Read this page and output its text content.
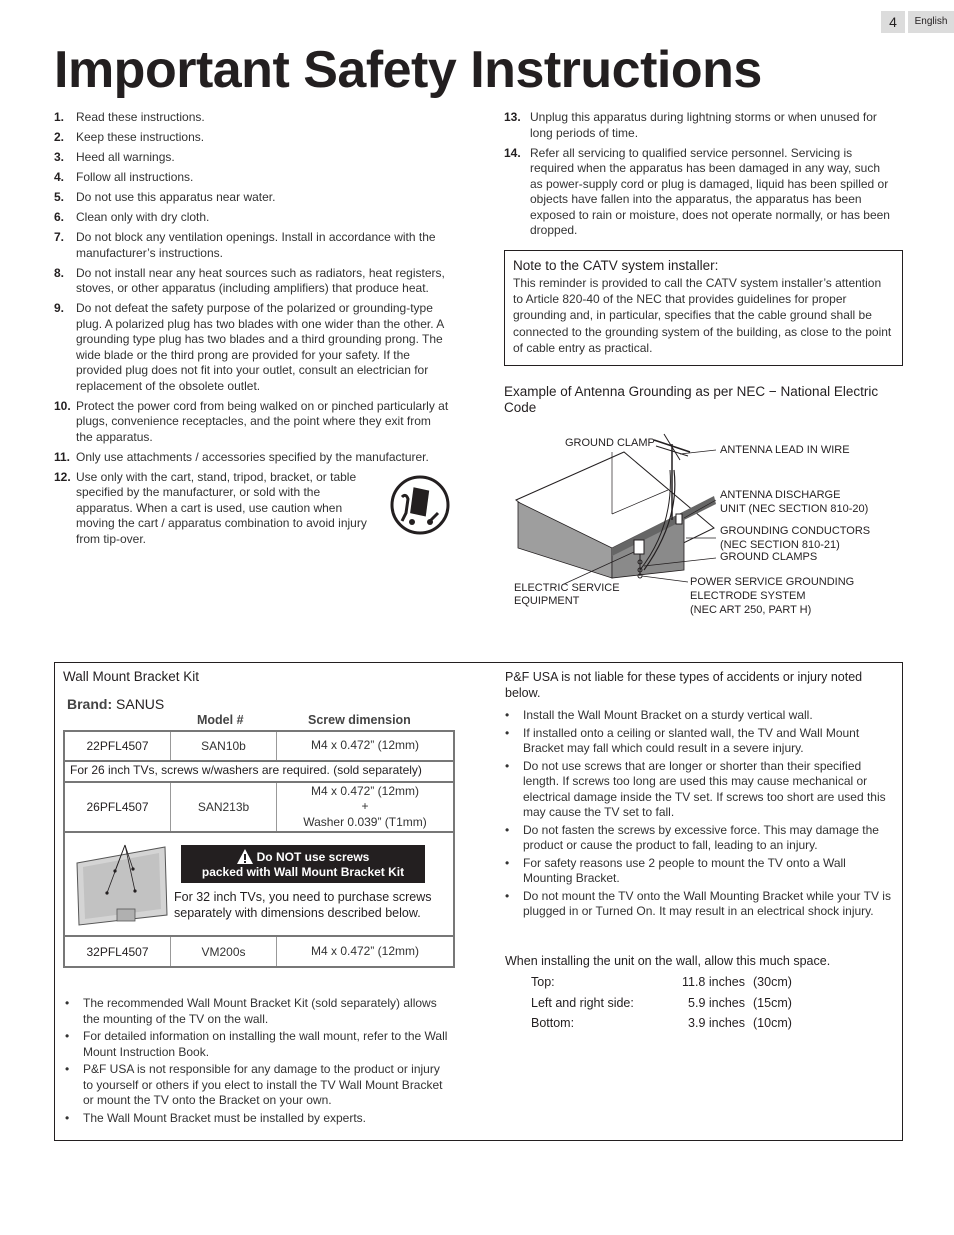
4	English
Important Safety Instructions
1. Read these instructions.
2. Keep these instructions.
3. Heed all warnings.
4. Follow all instructions.
5. Do not use this apparatus near water.
6. Clean only with dry cloth.
7. Do not block any ventilation openings. Install in accordance with the manufacturer’s instructions.
8. Do not install near any heat sources such as radiators, heat registers, stoves, or other apparatus (including amplifiers) that produce heat.
9. Do not defeat the safety purpose of the polarized or grounding-type plug. A polarized plug has two blades with one wider than the other. A grounding type plug has two blades and a third grounding prong. The wide blade or the third prong are provided for your safety. If the provided plug does not fit into your outlet, consult an electrician for replacement of the obsolete outlet.
10. Protect the power cord from being walked on or pinched particularly at plugs, convenience receptacles, and the point where they exit from the apparatus.
11. Only use attachments / accessories specified by the manufacturer.
12. Use only with the cart, stand, tripod, bracket, or table specified by the manufacturer, or sold with the apparatus. When a cart is used, use caution when moving the cart / apparatus combination to avoid injury from tip-over.
13. Unplug this apparatus during lightning storms or when unused for long periods of time.
14. Refer all servicing to qualified service personnel. Servicing is required when the apparatus has been damaged in any way, such as power-supply cord or plug is damaged, liquid has been spilled or objects have fallen into the apparatus, the apparatus has been exposed to rain or moisture, does not operate normally, or has been dropped.
Note to the CATV system installer:
This reminder is provided to call the CATV system installer’s attention to Article 820-40 of the NEC that provides guidelines for proper grounding and, in particular, specifies that the cable ground shall be connected to the grounding system of the building, as close to the point of cable entry as practical.
Example of Antenna Grounding as per NEC − National Electric Code
GROUND CLAMP
ANTENNA LEAD IN WIRE
ANTENNA DISCHARGE
UNIT (NEC SECTION 810-20)
GROUNDING CONDUCTORS
(NEC SECTION 810-21)
GROUND CLAMPS
ELECTRIC SERVICE
EQUIPMENT
POWER SERVICE GROUNDING
ELECTRODE SYSTEM
(NEC ART 250, PART H)
Wall Mount Bracket Kit
Brand: SANUS
Model #	Screw dimension
22PFL4507	SAN10b	M4 x 0.472” (12mm)
For 26 inch TVs, screws w/washers are required. (sold separately)
26PFL4507	SAN213b
M4 x 0.472” (12mm)
+
Washer 0.039” (T1mm)
Do NOT use screws
packed with Wall Mount Bracket Kit
For 32 inch TVs, you need to purchase screws separately with dimensions described below.
32PFL4507	VM200s	M4 x 0.472” (12mm)
•	The recommended Wall Mount Bracket Kit (sold separately) allows the mounting of the TV on the wall.
•	For detailed information on installing the wall mount, refer to the Wall Mount Instruction Book.
•	P&F USA is not responsible for any damage to the product or injury to yourself or others if you elect to install the TV Wall Mount Bracket or mount the TV onto the Bracket on your own.
•	The Wall Mount Bracket must be installed by experts.
P&F USA is not liable for these types of accidents or injury noted below.
•	Install the Wall Mount Bracket on a sturdy vertical wall.
•	If installed onto a ceiling or slanted wall, the TV and Wall Mount Bracket may fall which could result in a severe injury.
•	Do not use screws that are longer or shorter than their specified length. If screws too long are used this may cause mechanical or electrical damage inside the TV set. If screws too short are used this may cause the TV set to fall.
•	Do not fasten the screws by excessive force. This may damage the product or cause the product to fall, leading to an injury.
•	For safety reasons use 2 people to mount the TV onto a Wall Mounting Bracket.
•	Do not mount the TV onto the Wall Mounting Bracket while your TV is plugged in or Turned On. It may result in an electrical shock injury.
When installing the unit on the wall, allow this much space.
Top:	11.8 inches (30cm)
Left and right side:	5.9 inches (15cm)
Bottom:	3.9 inches (10cm)
